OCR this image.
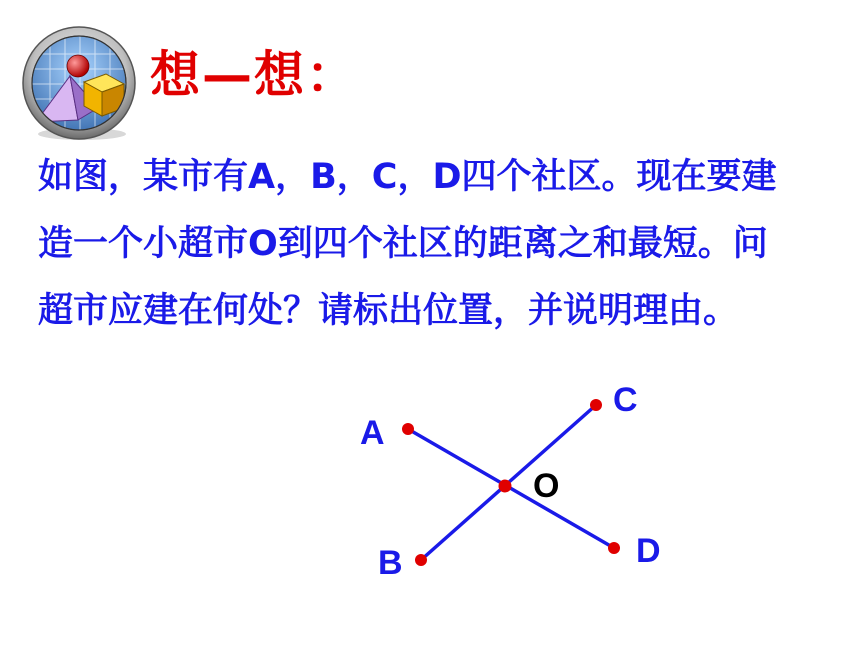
想—想：
如图，某市有A，B，C，D四个社区。现在要建
造一个小超市O到四个社区的距离之和最短。问
超市应建在何处？请标出位置，并说明理由。
A
B
C
D
O
